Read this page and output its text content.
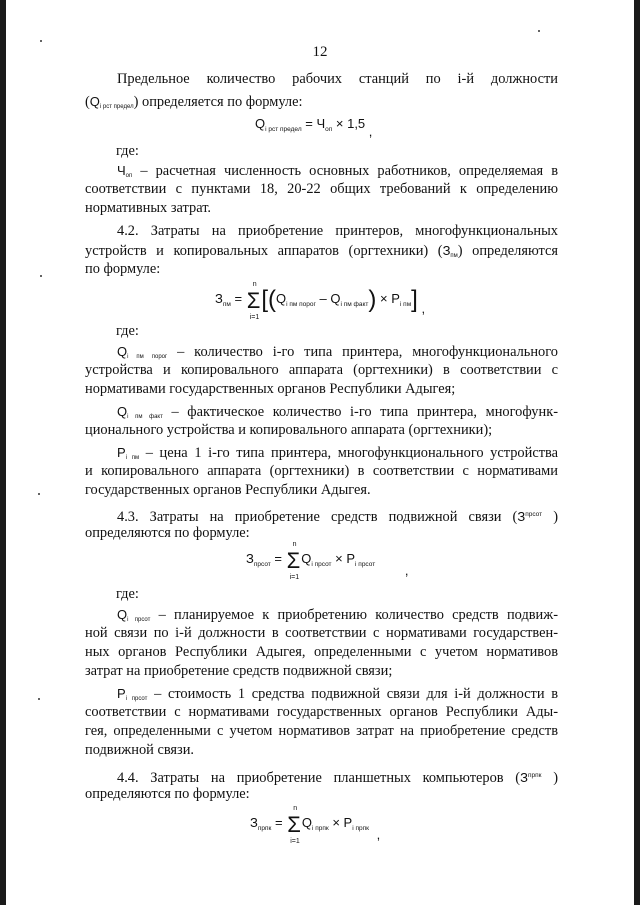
12

Предельное количество рабочих станций по i-й должности

(Qi рст предел) определяется по формуле:
$Q_{i рст предел} = Ч_{оп} \times 1,5$ ,
где:
Чоп – расчетная численность основных работников, определяемая в

соответствии с пунктами 18, 20-22 общих требований к определению

нормативных затрат.

4.2. Затраты на приобретение принтеров, многофункциональных

устройств и копировальных аппаратов (оргтехники) (Зпм) определяются

по формуле:

$З_{пм} = \Sigma$
n
i=1
$[(Q_{i пм порог} - Q_{i пм факт}) \times P_{i пм}]$ ,
где:
Qi пм порог – количество i-го типа принтера, многофункционального

устройства и копировального аппарата (оргтехники) в соответствии с

нормативами государственных органов Республики Адыгея;

Qi пм факт – фактическое количество i-го типа принтера, многофунк-

ционального устройства и копировального аппарата (оргтехники);

Pi пм – цена 1 i-го типа принтера, многофункционального устройства

и копировального аппарата (оргтехники) в соответствии с нормативами

государственных органов Республики Адыгея.

4.3. Затраты на приобретение средств подвижной связи ($З^{прсот}$ )

определяются по формуле:

$З_{прсот} = \Sigma$
n
i=1
$Q_{i прсот} \times P_{i прсот}$ ,
где:
Qi прсот – планируемое к приобретению количество средств подвиж-

ной связи по i-й должности в соответствии с нормативами государствен-

ных органов Республики Адыгея, определенными с учетом нормативов

затрат на приобретение средств подвижной связи;

Pi прсот – стоимость 1 средства подвижной связи для i-й должности в

соответствии с нормативами государственных органов Республики Ады-

гея, определенными с учетом нормативов затрат на приобретение средств

подвижной связи.

4.4. Затраты на приобретение планшетных компьютеров ($З^{прпк}$ )

определяются по формуле:

$З_{прпк} = \Sigma$
n
i=1
$Q_{i прпк} \times P_{i прпк}$ ,
